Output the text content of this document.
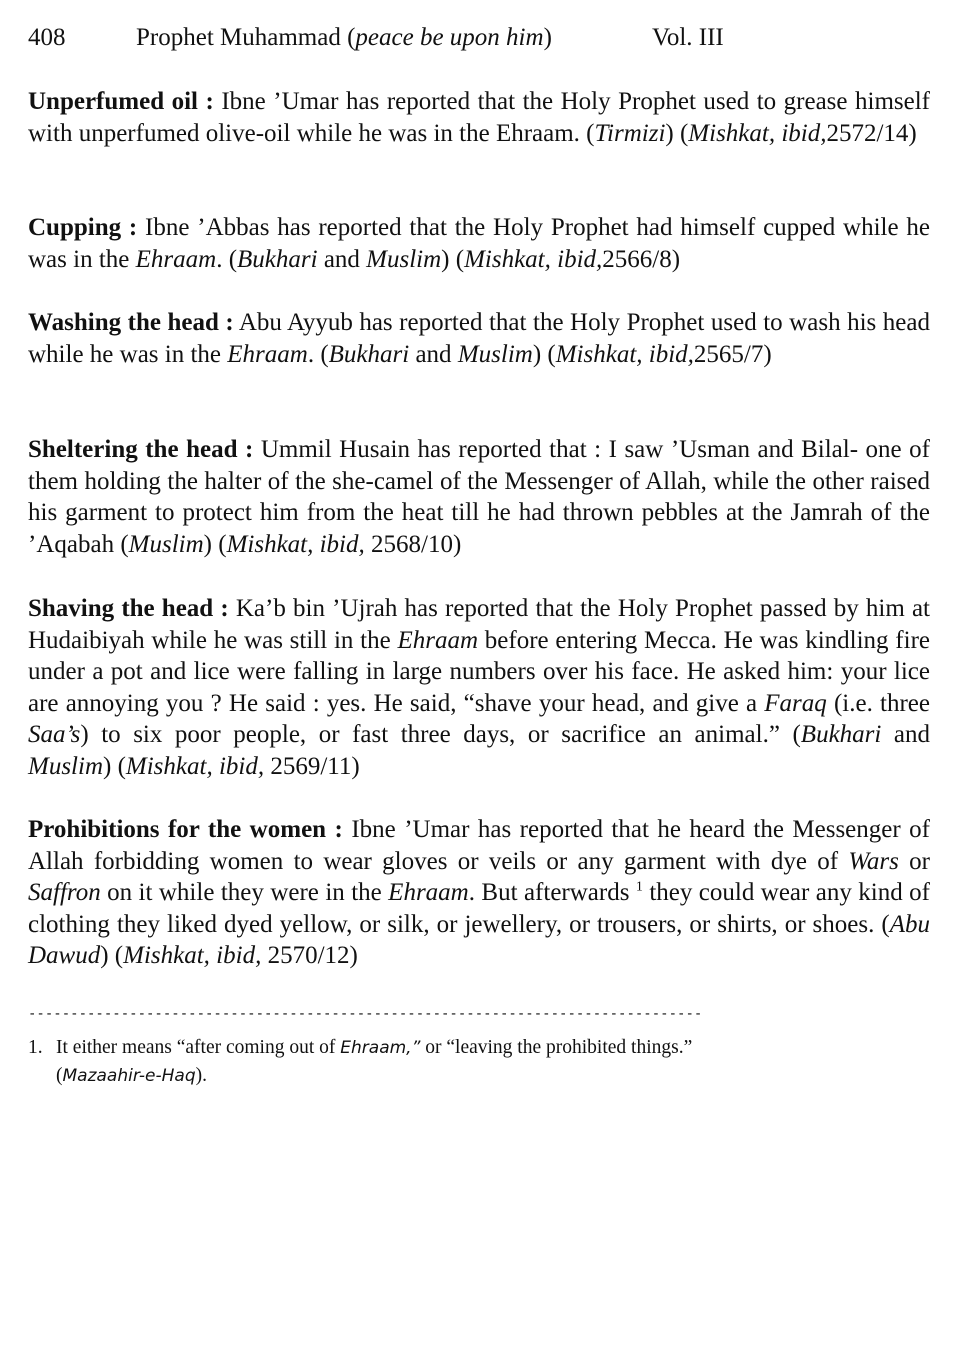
408	Prophet Muhammad (peace be upon him)	Vol. III

Unperfumed oil : Ibne ’Umar has reported that the Holy Prophet used to grease himself with unperfumed olive-oil while he was in the Ehraam. (Tirmizi) (Mishkat, ibid,2572/14)

Cupping : Ibne ’Abbas has reported that the Holy Prophet had himself cupped while he was in the Ehraam. (Bukhari and Muslim) (Mishkat, ibid,2566/8)

Washing the head : Abu Ayyub has reported that the Holy Prophet used to wash his head while he was in the Ehraam. (Bukhari and Muslim) (Mishkat, ibid,2565/7)

Sheltering the head : Ummil Husain has reported that : I saw ’Usman and Bilal- one of them holding the halter of the she-camel of the Messenger of Allah, while the other raised his garment to protect him from the heat till he had thrown pebbles at the Jamrah of the ’Aqabah (Muslim) (Mishkat, ibid, 2568/10)

Shaving the head : Ka’b bin ’Ujrah has reported that the Holy Prophet passed by him at Hudaibiyah while he was still in the Ehraam before entering Mecca. He was kindling fire under a pot and lice were falling in large numbers over his face. He asked him: your lice are annoying you ? He said : yes. He said, “shave your head, and give a Faraq (i.e. three Saa’s) to six poor people, or fast three days, or sacrifice an animal.” (Bukhari and Muslim) (Mishkat, ibid, 2569/11)

Prohibitions for the women : Ibne ’Umar has reported that he heard the Messenger of Allah forbidding women to wear gloves or veils or any garment with dye of Wars or Saffron on it while they were in the Ehraam. But afterwards $^1$ they could wear any kind of clothing they liked dyed yellow, or silk, or jewellery, or trousers, or shirts, or shoes. (Abu Dawud) (Mishkat, ibid, 2570/12)

--------------------------------------------------------------------------------
1. It either means “after coming out of Ehraam,” or “leaving the prohibited things.” (Mazaahir-e-Haq).
